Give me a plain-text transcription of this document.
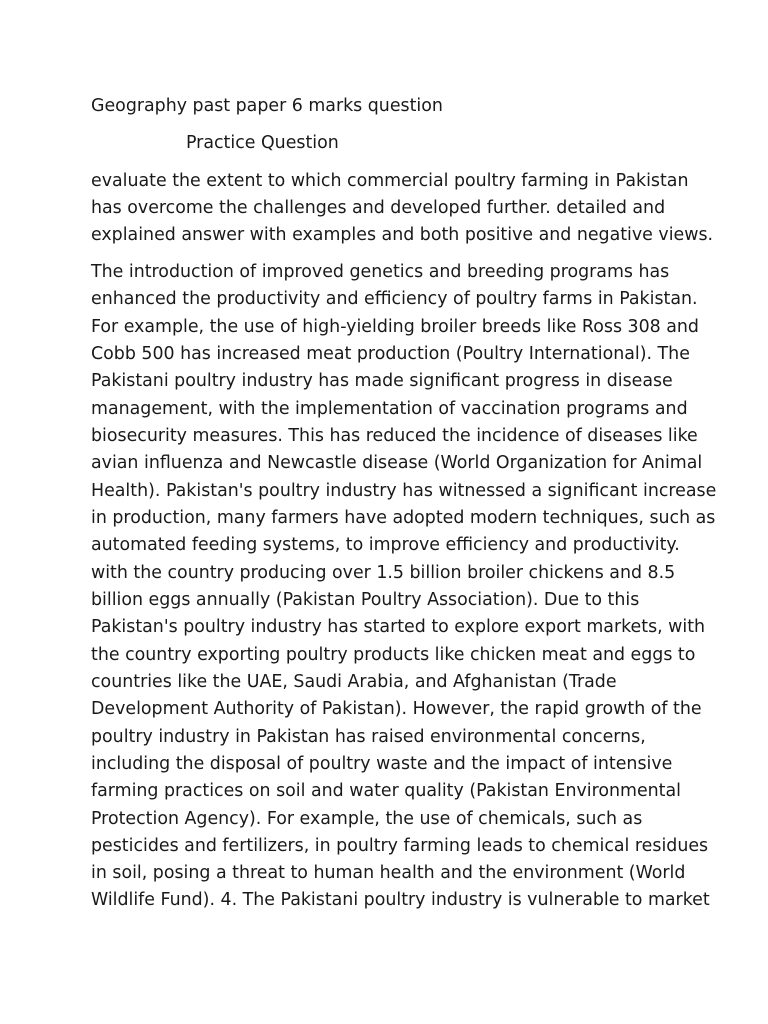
Geography past paper 6 marks question
Practice Question

evaluate the extent to which commercial poultry farming in Pakistan

has overcome the challenges and developed further. detailed and

explained answer with examples and both positive and negative views.

The introduction of improved genetics and breeding programs has

enhanced the productivity and efficiency of poultry farms in Pakistan.

For example, the use of high-yielding broiler breeds like Ross 308 and

Cobb 500 has increased meat production (Poultry International). The

Pakistani poultry industry has made significant progress in disease

management, with the implementation of vaccination programs and

biosecurity measures. This has reduced the incidence of diseases like

avian influenza and Newcastle disease (World Organization for Animal

Health). Pakistan's poultry industry has witnessed a significant increase

in production, many farmers have adopted modern techniques, such as

automated feeding systems, to improve efficiency and productivity.

with the country producing over 1.5 billion broiler chickens and 8.5

billion eggs annually (Pakistan Poultry Association). Due to this

Pakistan's poultry industry has started to explore export markets, with

the country exporting poultry products like chicken meat and eggs to

countries like the UAE, Saudi Arabia, and Afghanistan (Trade

Development Authority of Pakistan). However, the rapid growth of the

poultry industry in Pakistan has raised environmental concerns,

including the disposal of poultry waste and the impact of intensive

farming practices on soil and water quality (Pakistan Environmental

Protection Agency). For example, the use of chemicals, such as

pesticides and fertilizers, in poultry farming leads to chemical residues

in soil, posing a threat to human health and the environment (World

Wildlife Fund). 4. The Pakistani poultry industry is vulnerable to market
